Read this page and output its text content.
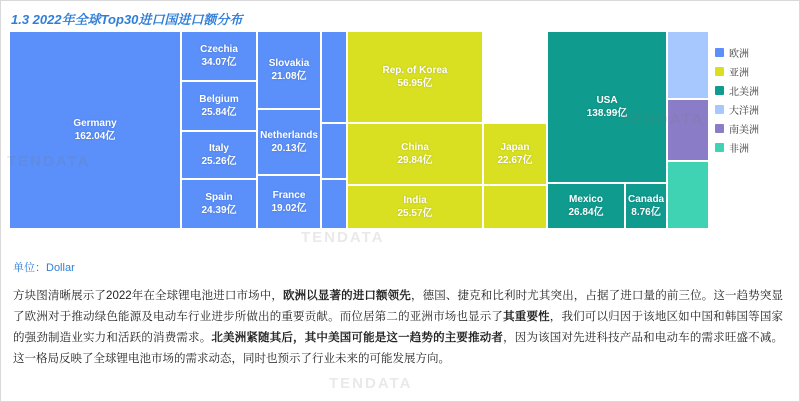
1.3 2022年全球Top30进口国进口额分布
Germany
162.04亿
Czechia
34.07亿
Belgium
25.84亿
Italy
25.26亿
Spain
24.39亿
Slovakia
21.08亿
Netherlands
20.13亿
France
19.02亿
Rep. of Korea
56.95亿
China
29.84亿
India
25.57亿
Japan
22.67亿
USA
138.99亿
Mexico
26.84亿
Canada
8.76亿
欧洲
亚洲
北美洲
大洋洲
南美洲
非洲
单位：Dollar
方块图清晰展示了2022年在全球锂电池进口市场中，欧洲以显著的进口额领先，德国、捷克和比利时尤其突出，占据了进口量的前三位。这一趋势突显了欧洲对于推动绿色能源及电动车行业进步所做出的重要贡献。而位居第二的亚洲市场也显示了其重要性，我们可以归因于该地区如中国和韩国等国家的强劲制造业实力和活跃的消费需求。北美洲紧随其后，其中美国可能是这一趋势的主要推动者，因为该国对先进科技产品和电动车的需求旺盛不减。这一格局反映了全球锂电池市场的需求动态，同时也预示了行业未来的可能发展方向。
TENDATA
TENDATA
